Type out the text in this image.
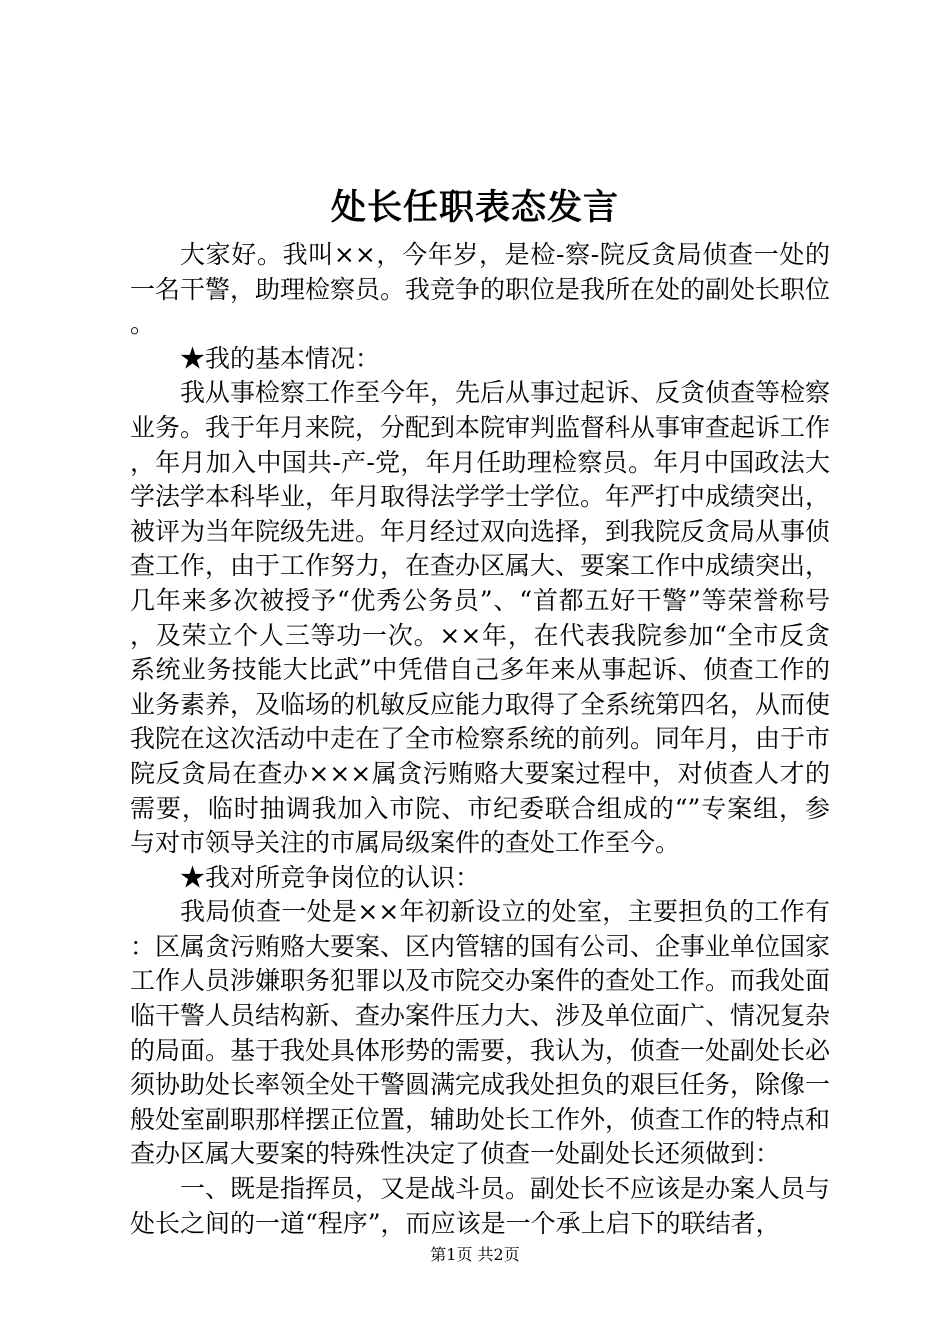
处长任职表态发言

大家好。我叫××，今年岁，是检-察-院反贪局侦查一处的一名干警，助理检察员。我竞争的职位是我所在处的副处长职位。

★我的基本情况：

我从事检察工作至今年，先后从事过起诉、反贪侦查等检察业务。我于年月来院，分配到本院审判监督科从事审查起诉工作，年月加入中国共-产-党，年月任助理检察员。年月中国政法大学法学本科毕业，年月取得法学学士学位。年严打中成绩突出，被评为当年院级先进。年月经过双向选择，到我院反贪局从事侦查工作，由于工作努力，在查办区属大、要案工作中成绩突出，几年来多次被授予“优秀公务员”、“首都五好干警”等荣誉称号，及荣立个人三等功一次。××年，在代表我院参加“全市反贪系统业务技能大比武”中凭借自己多年来从事起诉、侦查工作的业务素养，及临场的机敏反应能力取得了全系统第四名，从而使我院在这次活动中走在了全市检察系统的前列。同年月，由于市院反贪局在查办×××属贪污贿赂大要案过程中，对侦查人才的需要，临时抽调我加入市院、市纪委联合组成的“”专案组，参与对市领导关注的市属局级案件的查处工作至今。

★我对所竞争岗位的认识：

我局侦查一处是××年初新设立的处室，主要担负的工作有：区属贪污贿赂大要案、区内管辖的国有公司、企事业单位国家工作人员涉嫌职务犯罪以及市院交办案件的查处工作。而我处面临干警人员结构新、查办案件压力大、涉及单位面广、情况复杂的局面。基于我处具体形势的需要，我认为，侦查一处副处长必须协助处长率领全处干警圆满完成我处担负的艰巨任务，除像一般处室副职那样摆正位置，辅助处长工作外，侦查工作的特点和查办区属大要案的特殊性决定了侦查一处副处长还须做到：

一、既是指挥员，又是战斗员。副处长不应该是办案人员与处长之间的一道“程序”，而应该是一个承上启下的联结者，

第1页 共2页
